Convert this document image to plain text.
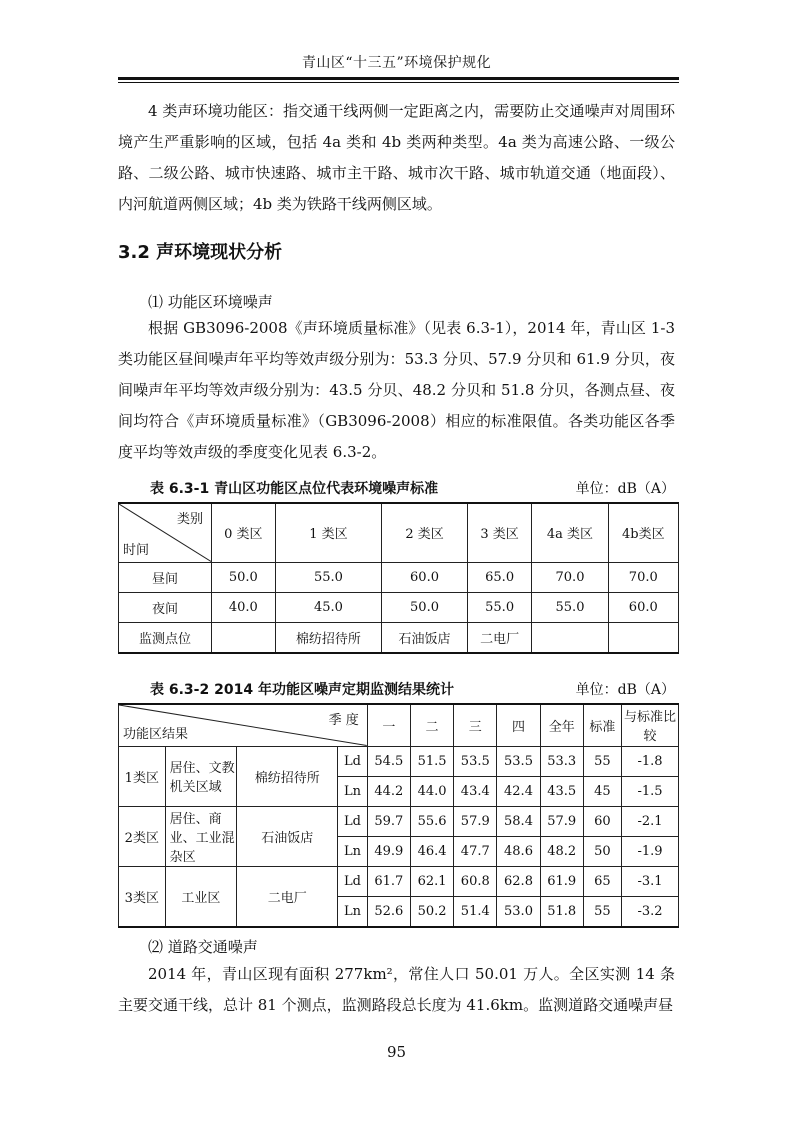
青山区“十三五”环境保护规化

4 类声环境功能区：指交通干线两侧一定距离之内，需要防止交通噪声对周围环境产生严重影响的区域，包括 4a 类和 4b 类两种类型。4a 类为高速公路、一级公路、二级公路、城市快速路、城市主干路、城市次干路、城市轨道交通（地面段）、内河航道两侧区域；4b 类为铁路干线两侧区域。

3.2 声环境现状分析
⑴ 功能区环境噪声

根据 GB3096-2008《声环境质量标准》（见表 6.3-1），2014 年，青山区 1-3 类功能区昼间噪声年平均等效声级分别为：53.3 分贝、57.9 分贝和 61.9 分贝，夜间噪声年平均等效声级分别为：43.5 分贝、48.2 分贝和 51.8 分贝，各测点昼、夜间均符合《声环境质量标准》（GB3096-2008）相应的标准限值。各类功能区各季度平均等效声级的季度变化见表 6.3-2。

表 6.3-1 青山区功能区点位代表环境噪声标准	单位：dB（A）
类别
时间	0 类区	1 类区	2 类区	3 类区	4a 类区	4b类区
昼间	50.0	55.0	60.0	65.0	70.0	70.0
夜间	40.0	45.0	50.0	55.0	55.0	60.0
监测点位		棉纺招待所	石油饭店	二电厂		
表 6.3-2 2014 年功能区噪声定期监测结果统计	单位：dB（A）
季 度
功能区结果				一	二	三	四	全年	标准	与标准比较
1类区	居住、文教机关区域	棉纺招待所	Ld	54.5	51.5	53.5	53.5	53.3	55	-1.8
			Ln	44.2	44.0	43.4	42.4	43.5	45	-1.5
2类区	居住、商业、工业混杂区	石油饭店	Ld	59.7	55.6	57.9	58.4	57.9	60	-2.1
			Ln	49.9	46.4	47.7	48.6	48.2	50	-1.9
3类区	工业区	二电厂	Ld	61.7	62.1	60.8	62.8	61.9	65	-3.1
			Ln	52.6	50.2	51.4	53.0	51.8	55	-3.2
⑵ 道路交通噪声

2014 年，青山区现有面积 277km²，常住人口 50.01 万人。全区实测 14 条主要交通干线，总计 81 个测点，监测路段总长度为 41.6km。监测道路交通噪声昼

95
